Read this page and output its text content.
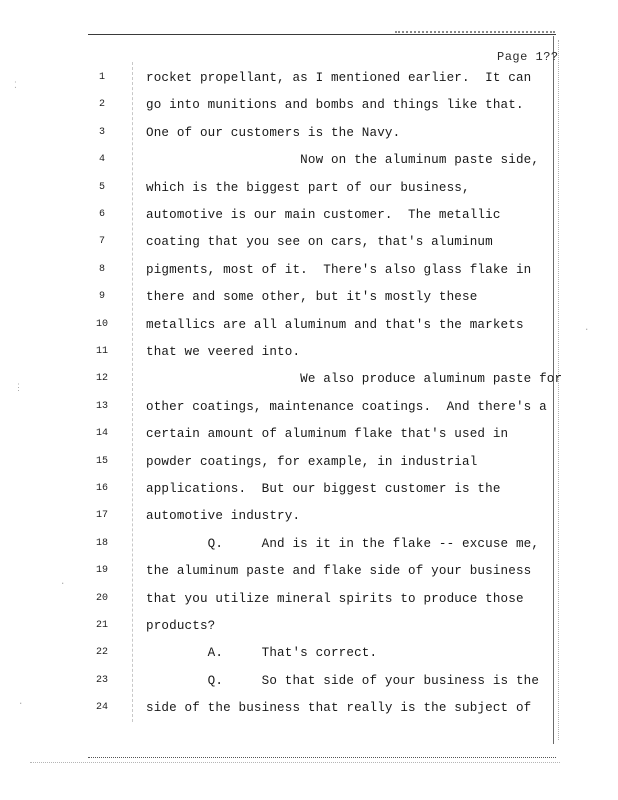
⁚
⋮
·
·
·
Page 1??
1	rocket propellant, as I mentioned earlier.  It can
2	go into munitions and bombs and things like that.
3	One of our customers is the Navy.
4	Now on the aluminum paste side,
5	which is the biggest part of our business,
6	automotive is our main customer.  The metallic
7	coating that you see on cars, that's aluminum
8	pigments, most of it.  There's also glass flake in
9	there and some other, but it's mostly these
10	metallics are all aluminum and that's the markets
11	that we veered into.
12	We also produce aluminum paste for
13	other coatings, maintenance coatings.  And there's a
14	certain amount of aluminum flake that's used in
15	powder coatings, for example, in industrial
16	applications.  But our biggest customer is the
17	automotive industry.
18	Q.     And is it in the flake -- excuse me,
19	the aluminum paste and flake side of your business
20	that you utilize mineral spirits to produce those
21	products?
22	A.     That's correct.
23	Q.     So that side of your business is the
24	side of the business that really is the subject of
